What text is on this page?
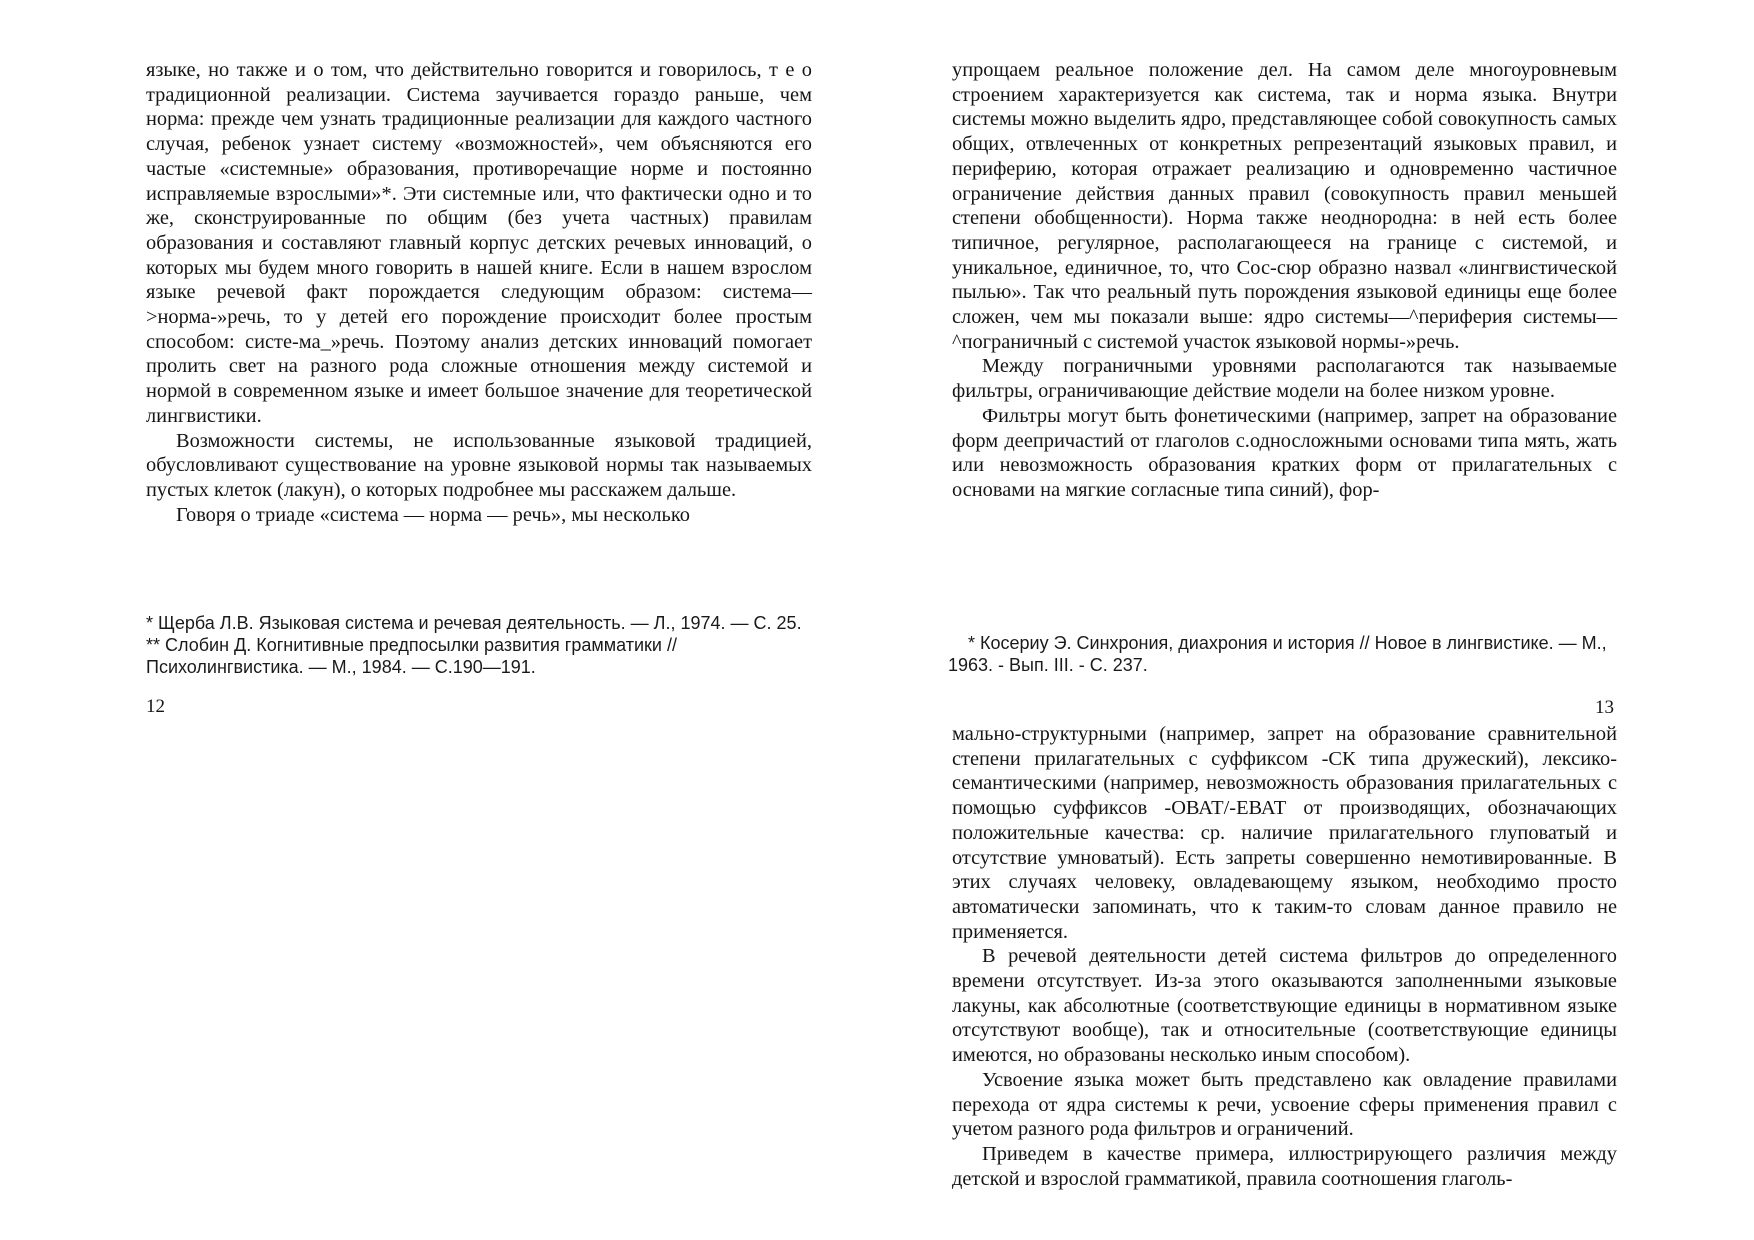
языке, но также и о том, что действительно говорится и говорилось, т е о традиционной реализации. Система заучивается гораздо раньше, чем норма: прежде чем узнать традиционные реализации для каждого частного случая, ребенок узнает систему «возможностей», чем объясняются его частые «системные» образования, противоречащие норме и постоянно исправляемые взрослыми»*. Эти системные или, что фактически одно и то же, сконструированные по общим (без учета частных) правилам образования и составляют главный корпус детских речевых инноваций, о которых мы будем много говорить в нашей книге. Если в нашем взрослом языке речевой факт порождается следующим образом: система—>норма-»речь, то у детей его порождение происходит более простым способом: систе-ма_»речь. Поэтому анализ детских инноваций помогает пролить свет на разного рода сложные отношения между системой и нормой в современном языке и имеет большое значение для теоретической лингвистики.

Возможности системы, не использованные языковой традицией, обусловливают существование на уровне языковой нормы так называемых пустых клеток (лакун), о которых подробнее мы расскажем дальше.

Говоря о триаде «система — норма — речь», мы несколько

* Щерба Л.В. Языковая система и речевая деятельность. — Л., 1974. — С. 25. ** Слобин Д. Когнитивные предпосылки развития грамматики // Психолингвистика. — М., 1984. — С.190—191.
12

упрощаем реальное положение дел. На самом деле многоуровневым строением характеризуется как система, так и норма языка. Внутри системы можно выделить ядро, представляющее собой совокупность самых общих, отвлеченных от конкретных репрезентаций языковых правил, и периферию, которая отражает реализацию и одновременно частичное ограничение действия данных правил (совокупность правил меньшей степени обобщенности). Норма также неоднородна: в ней есть более типичное, регулярное, располагающееся на границе с системой, и уникальное, единичное, то, что Сос-сюр образно назвал «лингвистической пылью». Так что реальный путь порождения языковой единицы еще более сложен, чем мы показали выше: ядро системы—^периферия системы—^пограничный с системой участок языковой нормы-»речь.

Между пограничными уровнями располагаются так называемые фильтры, ограничивающие действие модели на более низком уровне.

Фильтры могут быть фонетическими (например, запрет на образование форм деепричастий от глаголов с.односложными основами типа мять, жать или невозможность образования кратких форм от прилагательных с основами на мягкие согласные типа синий), фор-

* Косериу Э. Синхрония, диахрония и история // Новое в лингвистике. — М., 1963. - Вып. III. - С. 237.
13

мально-структурными (например, запрет на образование сравнительной степени прилагательных с суффиксом -СК типа дружеский), лексико-семантическими (например, невозможность образования прилагательных с помощью суффиксов -ОВАТ/-ЕВАТ от производящих, обозначающих положительные качества: ср. наличие прилагательного глуповатый и отсутствие умноватый). Есть запреты совершенно немотивированные. В этих случаях человеку, овладевающему языком, необходимо просто автоматически запоминать, что к таким-то словам данное правило не применяется.

В речевой деятельности детей система фильтров до определенного времени отсутствует. Из-за этого оказываются заполненными языковые лакуны, как абсолютные (соответствующие единицы в нормативном языке отсутствуют вообще), так и относительные (соответствующие единицы имеются, но образованы несколько иным способом).

Усвоение языка может быть представлено как овладение правилами перехода от ядра системы к речи, усвоение сферы применения правил с учетом разного рода фильтров и ограничений.

Приведем в качестве примера, иллюстрирующего различия между детской и взрослой грамматикой, правила соотношения глаголь-
